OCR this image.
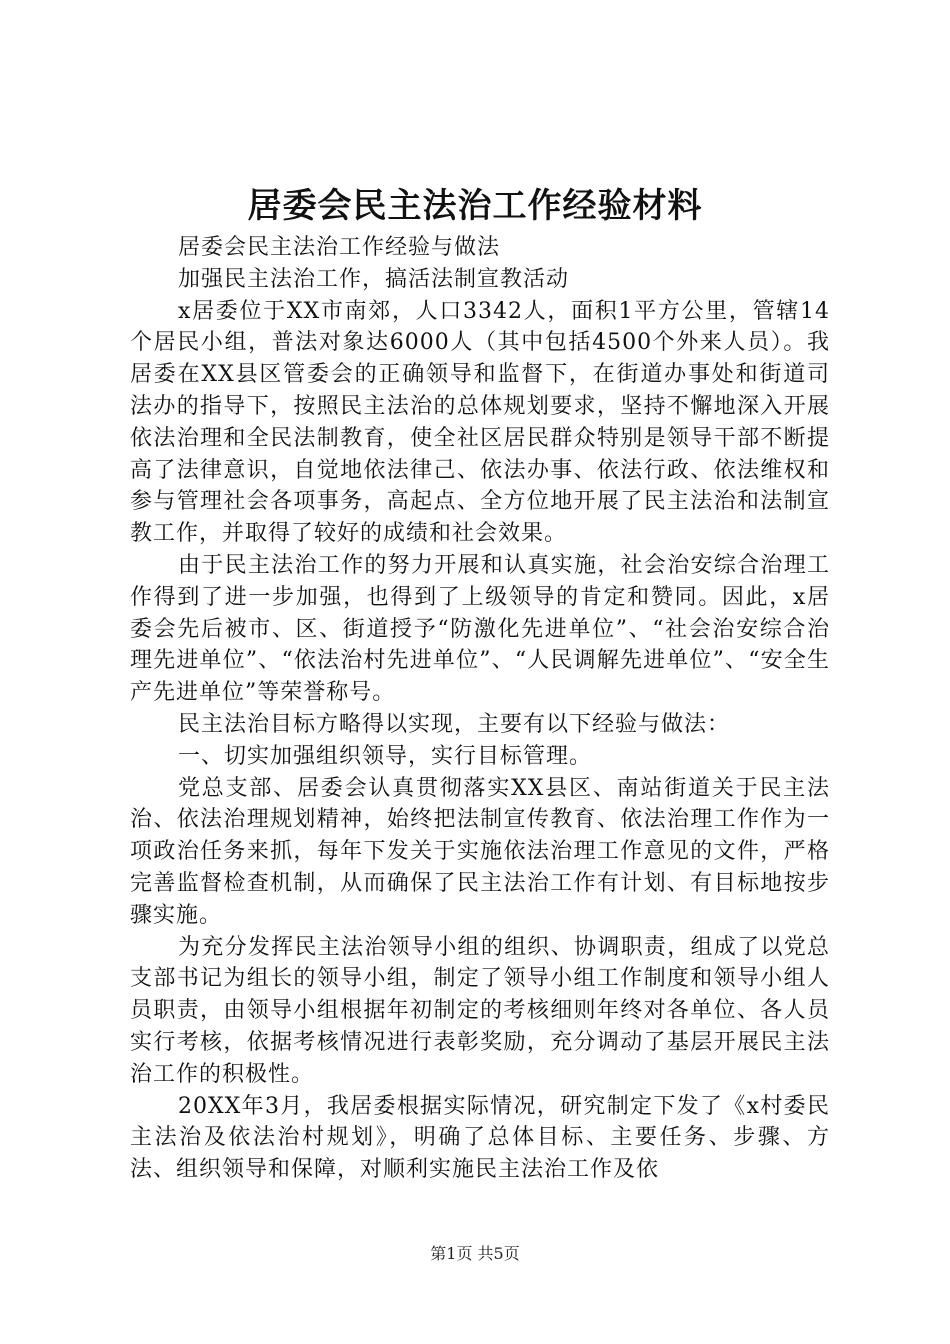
居委会民主法治工作经验材料

居委会民主法治工作经验与做法

加强民主法治工作，搞活法制宣教活动

x居委位于XX市南郊，人口3342人，面积1平方公里，管辖14个居民小组，普法对象达6000人（其中包括4500个外来人员）。我居委在XX县区管委会的正确领导和监督下，在街道办事处和街道司法办的指导下，按照民主法治的总体规划要求，坚持不懈地深入开展依法治理和全民法制教育，使全社区居民群众特别是领导干部不断提高了法律意识，自觉地依法律己、依法办事、依法行政、依法维权和参与管理社会各项事务，高起点、全方位地开展了民主法治和法制宣教工作，并取得了较好的成绩和社会效果。

由于民主法治工作的努力开展和认真实施，社会治安综合治理工作得到了进一步加强，也得到了上级领导的肯定和赞同。因此，x居委会先后被市、区、街道授予“防激化先进单位”、“社会治安综合治理先进单位”、“依法治村先进单位”、“人民调解先进单位”、“安全生产先进单位”等荣誉称号。

民主法治目标方略得以实现，主要有以下经验与做法：

一、切实加强组织领导，实行目标管理。

党总支部、居委会认真贯彻落实XX县区、南站街道关于民主法治、依法治理规划精神，始终把法制宣传教育、依法治理工作作为一项政治任务来抓，每年下发关于实施依法治理工作意见的文件，严格完善监督检查机制，从而确保了民主法治工作有计划、有目标地按步骤实施。

为充分发挥民主法治领导小组的组织、协调职责，组成了以党总支部书记为组长的领导小组，制定了领导小组工作制度和领导小组人员职责，由领导小组根据年初制定的考核细则年终对各单位、各人员实行考核，依据考核情况进行表彰奖励，充分调动了基层开展民主法治工作的积极性。

20XX年3月，我居委根据实际情况，研究制定下发了《x村委民主法治及依法治村规划》，明确了总体目标、主要任务、步骤、方法、组织领导和保障，对顺利实施民主法治工作及依

第1页 共5页
